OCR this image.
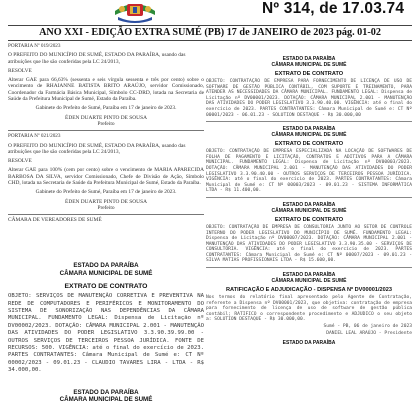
Nº 314, de 17.03.74
ANO XXI - EDIÇÃO EXTRA SUMÉ (PB) 17 de JANEIRO de 2023 pág. 01-02

PORTARIA Nº 019/2023

O PREFEITO DO MUNICÍPIO DE SUMÉ, ESTADO DA PARAÍBA, usando das atribuições que lhe são conferidas pela LC 24/2013,

RESOLVE

Alterar GAE para 66,63% (sessenta e seis vírgula sessenta e três por cento) sobre o vencimento de RHAIANNE BATISTA BRITO ARAÚJO, servidor Comissionado, Coordenador da Farmácia Básica Municipal, Símbolo CC-DRD, lotada na Secretaria de Saúde da Prefeitura Municipal de Sumé, Estado da Paraíba.

Gabinete do Prefeito de Sumé, Paraíba em 17 de janeiro de 2023.

ÉDEN DUARTE PINTO DE SOUSA

Prefeito

PORTARIA Nº 021/2023

O PREFEITO DO MUNICÍPIO DE SUMÉ, ESTADO DA PARAÍBA, usando das atribuições que lhe são conferidas pela LC 24/2013,

RESOLVE

Alterar GAE para 100% (cem por cento) sobre o vencimento de MARIA APARECIDA BARBOSA DA SILVA, servidor Comissionado, Chefe de Divisão de Ação, Símbolo CHD, lotada na Secretaria de Saúde da Prefeitura Municipal de Sumé, Estado da Paraíba.

Gabinete do Prefeito de Sumé, Paraíba em 17 de janeiro de 2023.

ÉDEN DUARTE PINTO DE SOUSA

Prefeito

CÂMARA DE VEREADORES DE SUMÉ

ESTADO DA PARAÍBA
CÂMARA MUNICIPAL DE SUMÉ
EXTRATO DE CONTRATO
OBJETO: SERVIÇOS DE MANUTENÇÃO CORRETIVA E PREVENTIVA NA REDE DE COMPUTADORES E PERIFÉRICOS E MONITORAMENTO DO SISTEMA DE SONORIZAÇÃO NAS DEPENDÊNCIAS DA CÂMARA MUNICIPAL. FUNDAMENTO LEGAL: Dispensa de Licitação nº DV00002/2023. DOTAÇÃO: CÂMARA MUNICIPAL 2.001 - MANUTENÇÃO DAS ATIVIDADES DO PODER LEGISLATIVO 3.3.90.39.99.00 - OUTROS SERVIÇOS DE TERCEIROS PESSOA JURÍDICA. FONTE DE RECURSOS: 500. VIGÊNCIA: até o final do exercício de 2023. PARTES CONTRATANTES: Câmara Municipal de Sumé e: CT Nº 00002/2023 - 09.01.23 - CLAUDIO TAVARES LIRA - LTDA - R$ 34.000,00.
ESTADO DA PARAÍBA
CÂMARA MUNICIPAL DE SUMÉ
ESTADO DA PARAÍBA
CÂMARA MUNICIPAL DE SUMÉ
EXTRATO DE CONTRATO
OBJETO: CONTRATAÇÃO DE EMPRESA PARA FORNECIMENTO DE LICENÇA DE USO DE SOFTWARE DE GESTÃO PÚBLICA CONTÁBIL, COM SUPORTE E TREINAMENTO, PARA ATENDER AS NECESSIDADES DA CÂMARA MUNICIPAL. FUNDAMENTO LEGAL: Dispensa de Licitação nº DV00001/2023. DOTAÇÃO: CÂMARA MUNICIPAL 2.001 - MANUTENÇÃO DAS ATIVIDADES DO PODER LEGISLATIVO 3.3.90.40.00. VIGÊNCIA: até o final do exercício de 2023. PARTES CONTRATANTES: Câmara Municipal de Sumé e: CT Nº 00001/2023 - 06.01.23 - SOLUTION DESTAQUE - R$ 30.000,00
ESTADO DA PARAÍBA
CÂMARA MUNICIPAL DE SUMÉ
EXTRATO DE CONTRATO
OBJETO: CONTRATAÇÃO DE EMPRESA ESPECIALIZADA NA LOCAÇÃO DE SOFTWARES DE FOLHA DE PAGAMENTO E LICITAÇÃO, CONTRATOS E ADITIVOS PARA A CÂMARA MUNICIPAL. FUNDAMENTO LEGAL: Dispensa de Licitação nº DV00003/2023. DOTAÇÃO: CÂMARA MUNICIPAL 2.001 - MANUTENÇÃO DAS ATIVIDADES DO PODER LEGISLATIVO 3.3.90.40.00 - OUTROS SERVIÇOS DE TERCEIROS PESSOA JURÍDICA. VIGÊNCIA: até o final do exercício de 2023. PARTES CONTRATANTES: Câmara Municipal de Sumé e: CT Nº 00003/2023 - 09.01.23 - SISTEMA INFORMÁTICA LTDA - R$ 11.400,00.
ESTADO DA PARAÍBA
CÂMARA MUNICIPAL DE SUMÉ
EXTRATO DE CONTRATO
OBJETO: CONTRATAÇÃO DE EMPRESA DE CONSULTORIA JUNTO AO SETOR DE CONTROLE INTERNO DO PODER LEGISLATIVO DO MUNICÍPIO DE SUMÉ. FUNDAMENTO LEGAL: Dispensa de Licitação nº DV00007/2023. DOTAÇÃO: CÂMARA MUNICIPAL 2.001 - MANUTENÇÃO DAS ATIVIDADES DO PODER LEGISLATIVO 3.3.90.35.00 - SERVIÇOS DE CONSULTORIA. VIGÊNCIA: até o final do exercício de 2023. PARTES CONTRATANTES: Câmara Municipal de Sumé e: CT Nº 00007/2023 - 09.01.23 - SILVA MATIAS PROFISSIONAIS LTDA - R$ 15.600,00.
ESTADO DA PARAÍBA
CÂMARA MUNICIPAL DE SUMÉ
RATIFICAÇÃO E ADJUDICAÇÃO - DISPENSA Nº DV00001/2023
Nos termos do relatório final apresentado pelo Agente de Contratação, referente a Dispensa nº DV00001/2023, que objetiva: contratação de empresa para fornecimento de licença de uso de software de gestão pública contábil; RATIFICO o correspondente procedimento e ADJUDICO o seu objeto a: SOLUTION DESTAQUE - R$ 30.000,00.
Sumé - PB, 06 de janeiro de 2023
DANIEL LEAL ARAÚJO - Presidente
ESTADO DA PARAÍBA
